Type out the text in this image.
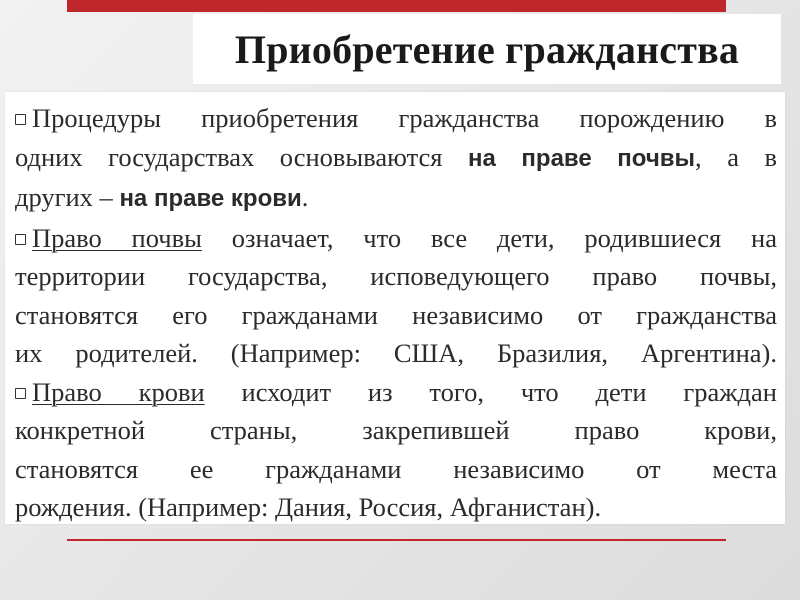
Приобретение гражданства

Процедуры приобретения гражданства порождению в
одних государствах основываются на праве почвы, а в
других – на праве крови.

Право почвы означает, что все дети, родившиеся на
территории государства, исповедующего право почвы,
становятся его гражданами независимо от гражданства
их родителей. (Например: США, Бразилия, Аргентина).

Право крови исходит из того, что дети граждан
конкретной страны, закрепившей право крови,
становятся ее гражданами независимо от места
рождения. (Например: Дания, Россия, Афганистан).
